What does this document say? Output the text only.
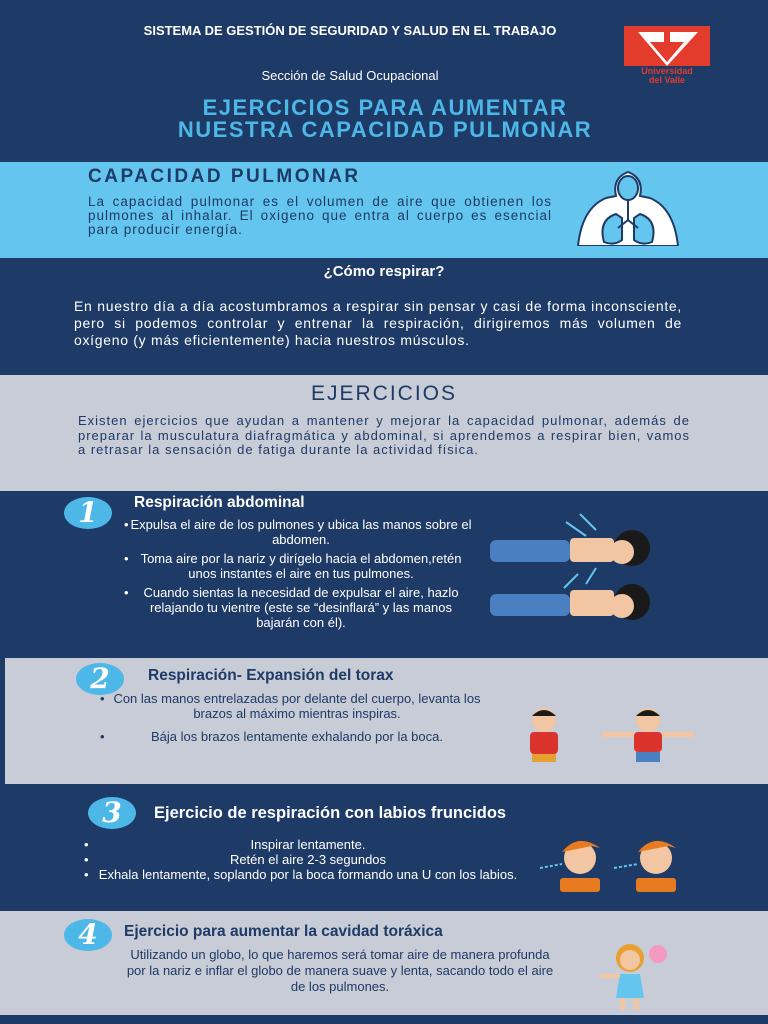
SISTEMA DE GESTIÓN DE SEGURIDAD Y SALUD EN EL TRABAJO
Sección de Salud Ocupacional
EJERCICIOS PARA AUMENTAR
NUESTRA CAPACIDAD PULMONAR
Universidad
del Valle
CAPACIDAD PULMONAR
La capacidad pulmonar es el volumen de aire que obtienen los pulmones al inhalar. El oxigeno que entra al cuerpo es esencial para producir energía.
¿Cómo respirar?
En nuestro día a día acostumbramos a respirar sin pensar y casi de forma inconsciente, pero si podemos controlar y entrenar la respiración, dirigiremos más volumen de oxígeno (y más eficientemente) hacia nuestros músculos.
EJERCICIOS
Existen ejercicios que ayudan a mantener y mejorar la capacidad pulmonar, además de preparar la musculatura diafragmática y abdominal, si aprendemos a respirar bien, vamos a retrasar la sensación de fatiga durante la actividad física.
1	Respiración abdominal
• Expulsa el aire de los pulmones y ubica las manos sobre el abdomen.
• Toma aire por la nariz y dirígelo hacia el abdomen,retén unos instantes el aire en tus pulmones.
• Cuando sientas la necesidad de expulsar el aire, hazlo relajando tu vientre (este se “desinflará” y las manos bajarán con él).
2	Respiración- Expansión del torax
• Con las manos entrelazadas por delante del cuerpo, levanta los brazos al máximo mientras inspiras.
• Bája los brazos lentamente exhalando por la boca.
3	Ejercicio de respiración con labios fruncidos
• Inspirar lentamente.
• Retén el aire 2-3 segundos
• Exhala lentamente, soplando por la boca formando una U con los labios.
4	Ejercicio para aumentar la cavidad toráxica
Utilizando un globo, lo que haremos será tomar aire de manera profunda por la nariz e inflar el globo de manera suave y lenta, sacando todo el aire de los pulmones.
